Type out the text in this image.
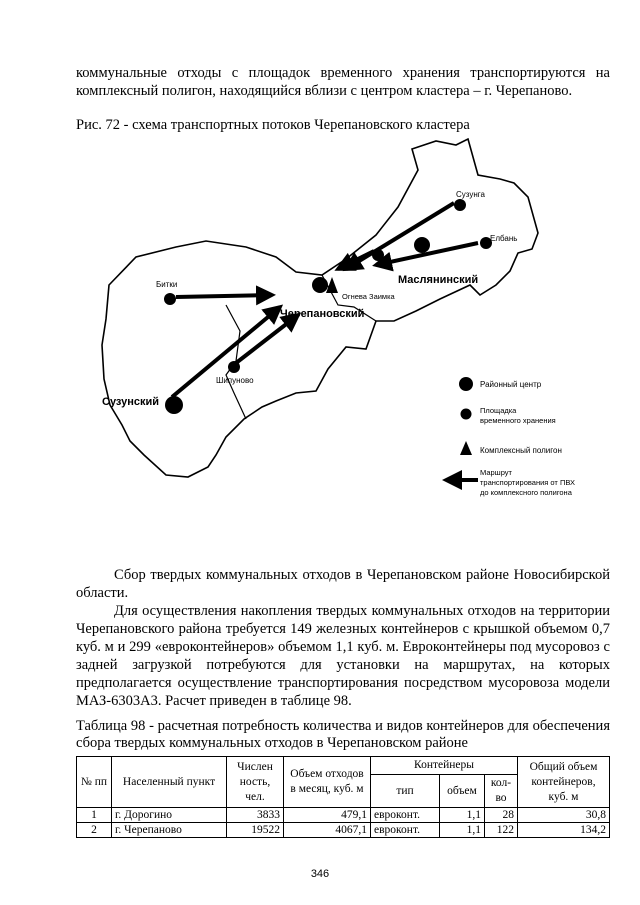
коммунальные отходы с площадок временного хранения транспортируются на комплексный полигон, находящийся вблизи с центром кластера – г. Черепаново.
Рис. 72 - схема транспортных потоков Черепановского кластера
Сузунга
Елбань
Битки
Огнева Заимка
Шипуново
Маслянинский
Черепановский
Сузунский
Районный центр
Площадка
временного хранения
Комплексный полигон
Маршрут
транспортирования от ПВХ
до комплексного полигона
Сбор твердых коммунальных отходов в Черепановском районе Новосибирской области.
Для осуществления накопления твердых коммунальных отходов на территории Черепановского района требуется 149 железных контейнеров с крышкой объемом 0,7 куб. м и 299 «евроконтейнеров» объемом 1,1 куб. м. Евроконтейнеры под мусоровоз с задней загрузкой потребуются для установки на маршрутах, на которых предполагается осуществление транспортирования посредством мусоровоза модели МАЗ-6303А3. Расчет приведен в таблице 98.
Таблица 98 - расчетная потребность количества и видов контейнеров для обеспечения сбора твердых коммунальных отходов в Черепановском районе
№ пп	Населенный пункт	Числен ность, чел.	Объем отходов в месяц, куб. м	Контейнеры			Общий объем контейнеров, куб. м
				тип	объем	кол-во	
1	г. Дорогино	3833	479,1	евроконт.	1,1	28	30,8
2	г. Черепаново	19522	4067,1	евроконт.	1,1	122	134,2
346
